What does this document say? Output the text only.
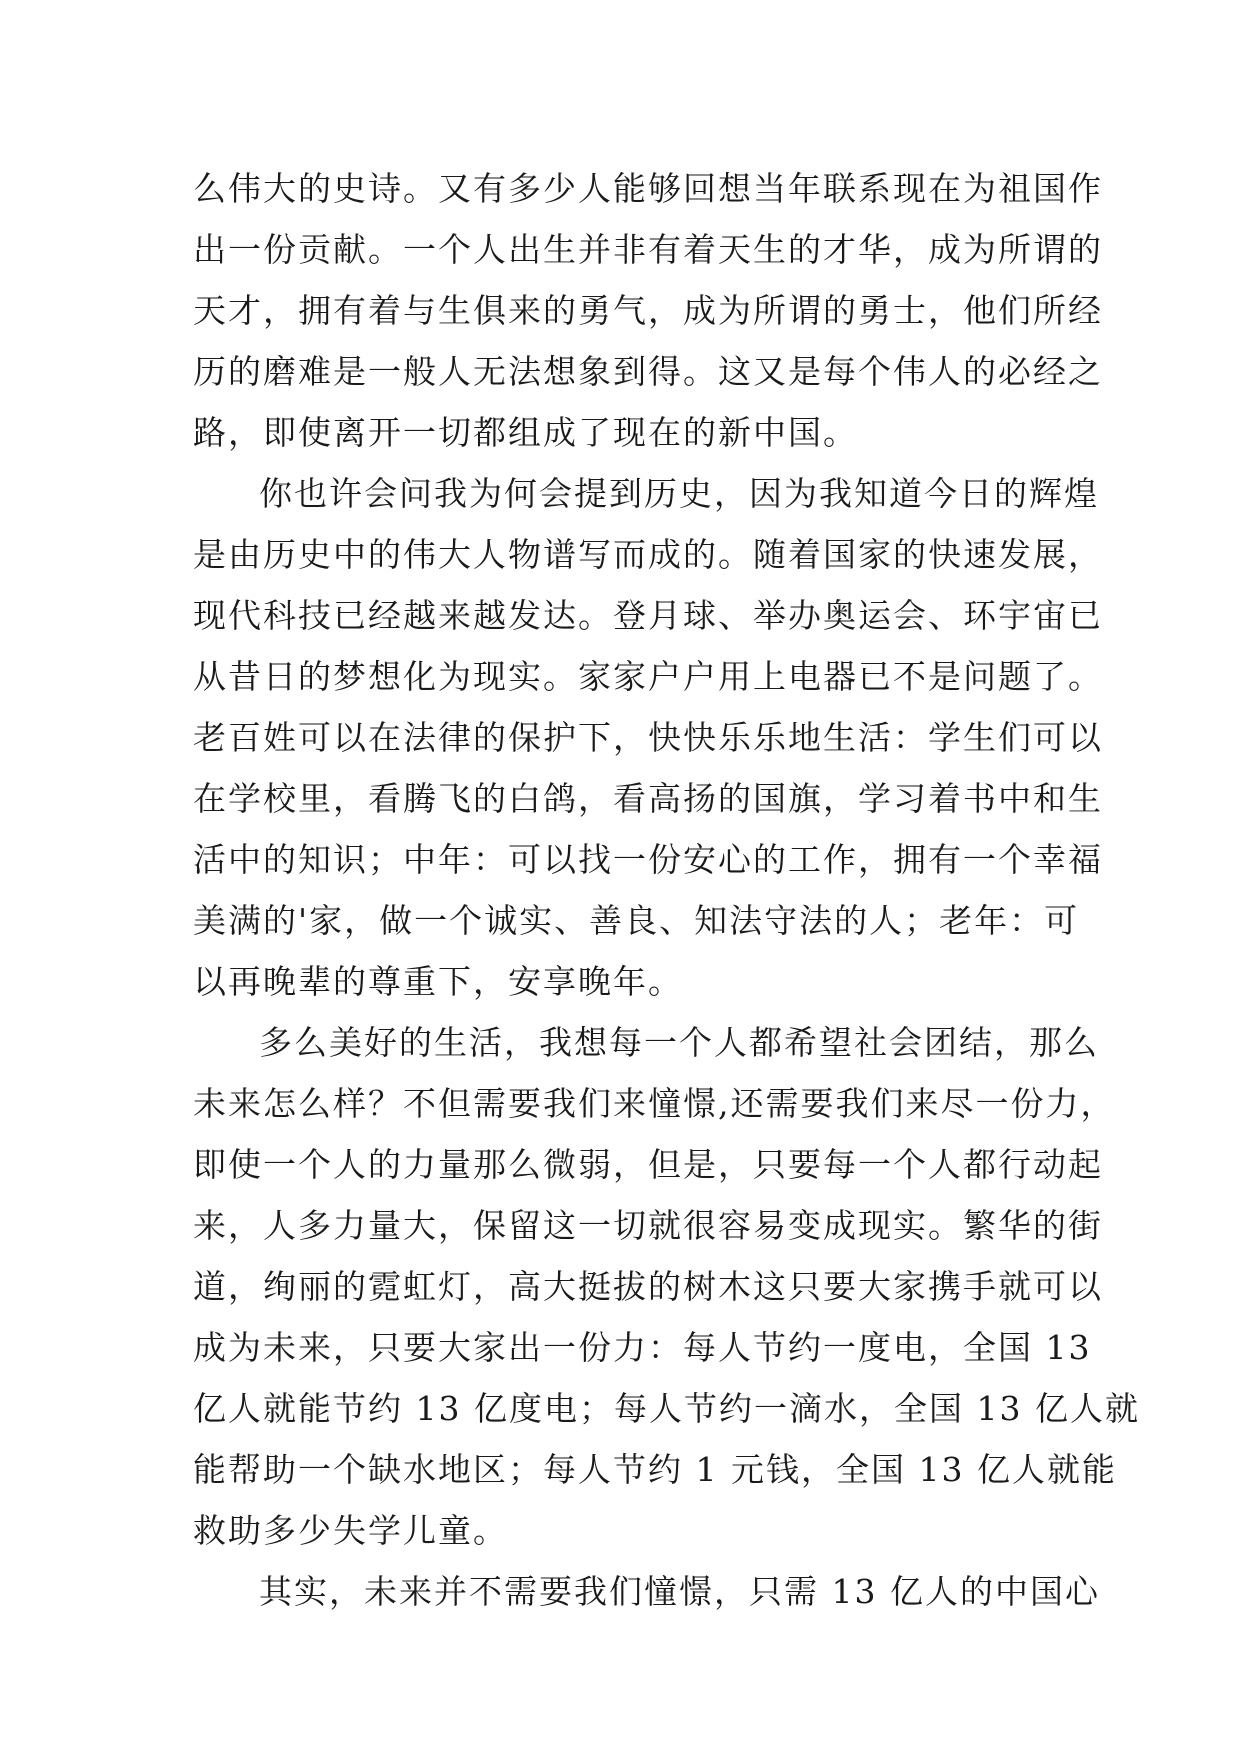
么伟大的史诗。又有多少人能够回想当年联系现在为祖国作
出一份贡献。一个人出生并非有着天生的才华，成为所谓的
天才，拥有着与生俱来的勇气，成为所谓的勇士，他们所经
历的磨难是一般人无法想象到得。这又是每个伟人的必经之
路，即使离开一切都组成了现在的新中国。
你也许会问我为何会提到历史，因为我知道今日的辉煌
是由历史中的伟大人物谱写而成的。随着国家的快速发展，
现代科技已经越来越发达。登月球、举办奥运会、环宇宙已
从昔日的梦想化为现实。家家户户用上电器已不是问题了。
老百姓可以在法律的保护下，快快乐乐地生活：学生们可以
在学校里，看腾飞的白鸽，看高扬的国旗，学习着书中和生
活中的知识；中年：可以找一份安心的工作，拥有一个幸福
美满的'家，做一个诚实、善良、知法守法的人；老年：可
以再晚辈的尊重下，安享晚年。
多么美好的生活，我想每一个人都希望社会团结，那么
未来怎么样？不但需要我们来憧憬,还需要我们来尽一份力，
即使一个人的力量那么微弱，但是，只要每一个人都行动起
来，人多力量大，保留这一切就很容易变成现实。繁华的街
道，绚丽的霓虹灯，高大挺拔的树木这只要大家携手就可以
成为未来，只要大家出一份力：每人节约一度电，全国 13
亿人就能节约 13 亿度电；每人节约一滴水，全国 13 亿人就
能帮助一个缺水地区；每人节约 1 元钱，全国 13 亿人就能
救助多少失学儿童。
其实，未来并不需要我们憧憬，只需 13 亿人的中国心
